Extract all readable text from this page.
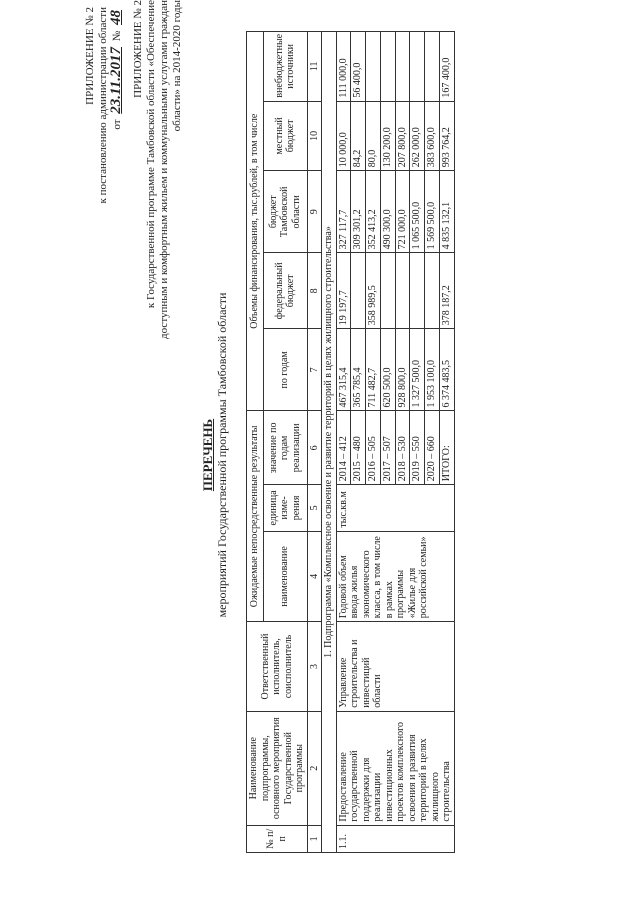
ПРИЛОЖЕНИЕ № 2 к постановлению администрации области от 23.11.2017 № 48 ПРИЛОЖЕНИЕ № 2 к Государственной программе Тамбовской области «Обеспечение доступным и комфортным жильем и коммунальными услугами граждан области» на 2014-2020 годы
ПЕРЕЧЕНЬ мероприятий Государственной программы Тамбовской области
№ п/п	Наименование подпрограммы, основного мероприятия Государственной программы	Ответственный исполнитель, соисполнитель	Ожидаемые непосредственные результаты			Объемы финансирования, тыс.рублей, в том числе				
			наименование	единица изме-рения	значение по годам реализации	по годам	федеральный бюджет	бюджет Тамбовской области	местный бюджет	внебюджетные источники
1	2	3	4	5	6	7	8	9	10	11
1. Подпрограмма «Комплексное освоение и развитие территорий в целях жилищного строительства»										
1.1.	Предоставление государственной поддержки для реализации инвестиционных проектов комплексного освоения и развития территорий в целях жилищного строительства	Управление строительства и инвестиций области	Годовой объем ввода жилья экономического класса, в том числе в рамках программы «Жилье для российской семьи»	тыс.кв.м	2014 – 412	467 315,4	19 197,7	327 117,7	10 000,0	111 000,0
					2015 – 480	365 785,4		309 301,2	84,2	56 400,0
					2016 – 505	711 482,7	358 989,5	352 413,2	80,0	
					2017 – 507	620 500,0		490 300,0	130 200,0	
					2018 – 530	928 800,0		721 000,0	207 800,0	
					2019 – 550	1 327 500,0		1 065 500,0	262 000,0	
					2020 – 660	1 953 100,0		1 569 500,0	383 600,0	
					ИТОГО:	6 374 483,5	378 187,2	4 835 132,1	993 764,2	167 400,0
